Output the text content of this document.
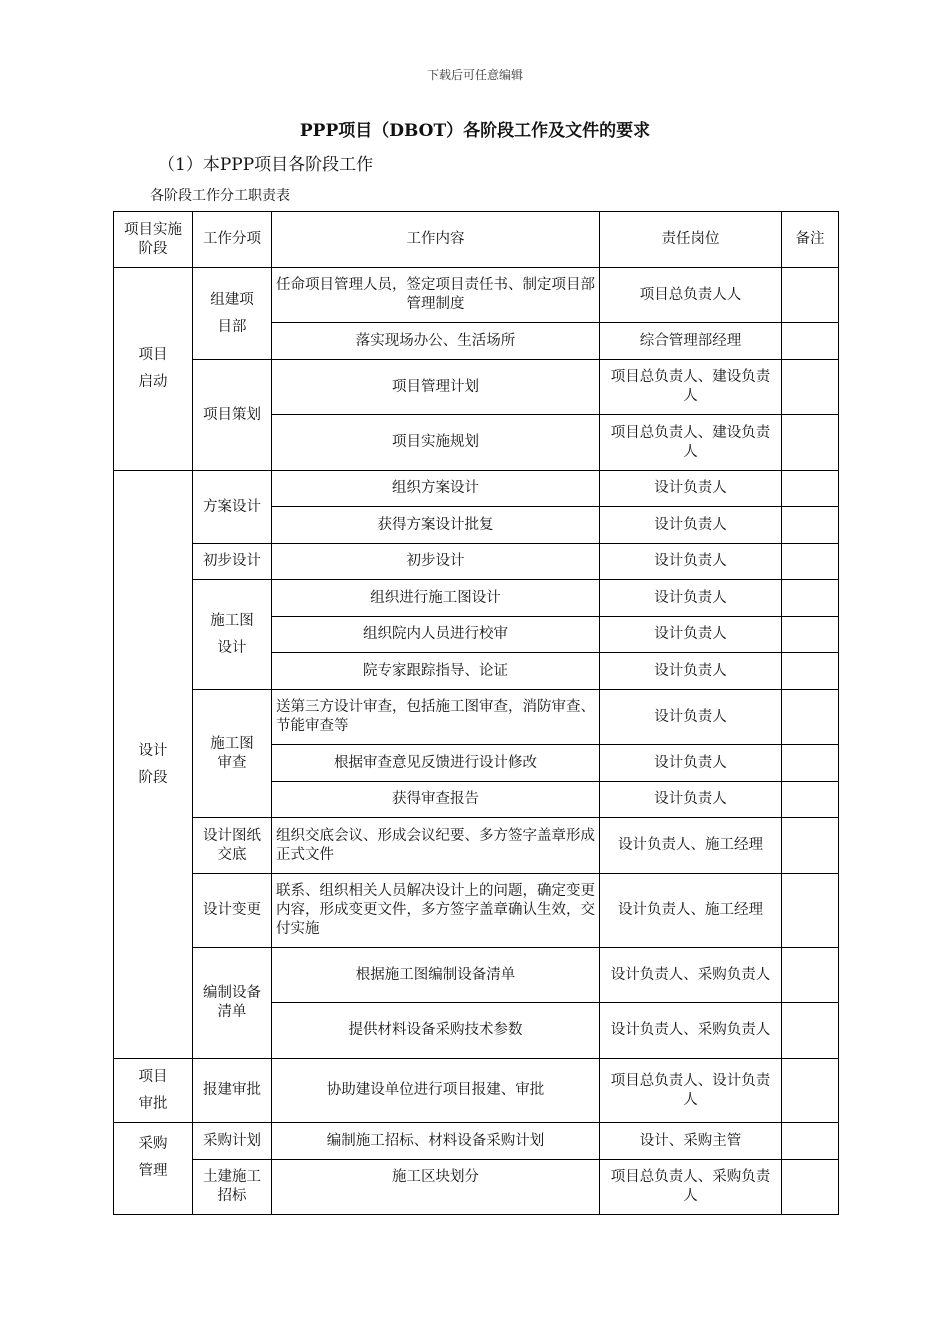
下载后可任意编辑
PPP项目（DBOT）各阶段工作及文件的要求
（1）本PPP项目各阶段工作
各阶段工作分工职责表
项目实施阶段	工作分项	工作内容	责任岗位	备注
项目启动	组建项目部	任命项目管理人员，签定项目责任书、制定项目部管理制度	项目总负责人人	
		落实现场办公、生活场所	综合管理部经理	
	项目策划	项目管理计划	项目总负责人、建设负责人	
		项目实施规划	项目总负责人、建设负责人	
设计阶段	方案设计	组织方案设计	设计负责人	
		获得方案设计批复	设计负责人	
	初步设计	初步设计	设计负责人	
	施工图设计	组织进行施工图设计	设计负责人	
		组织院内人员进行校审	设计负责人	
		院专家跟踪指导、论证	设计负责人	
	施工图审查	送第三方设计审查，包括施工图审查，消防审查、节能审查等	设计负责人	
		根据审查意见反馈进行设计修改	设计负责人	
		获得审查报告	设计负责人	
	设计图纸交底	组织交底会议、形成会议纪要、多方签字盖章形成正式文件	设计负责人、施工经理	
	设计变更	联系、组织相关人员解决设计上的问题，确定变更内容，形成变更文件，多方签字盖章确认生效，交付实施	设计负责人、施工经理	
	编制设备清单	根据施工图编制设备清单	设计负责人、采购负责人	
		提供材料设备采购技术参数	设计负责人、采购负责人	
项目审批	报建审批	协助建设单位进行项目报建、审批	项目总负责人、设计负责人	
采购管理	采购计划	编制施工招标、材料设备采购计划	设计、采购主管	
	土建施工招标	施工区块划分	项目总负责人、采购负责人	
